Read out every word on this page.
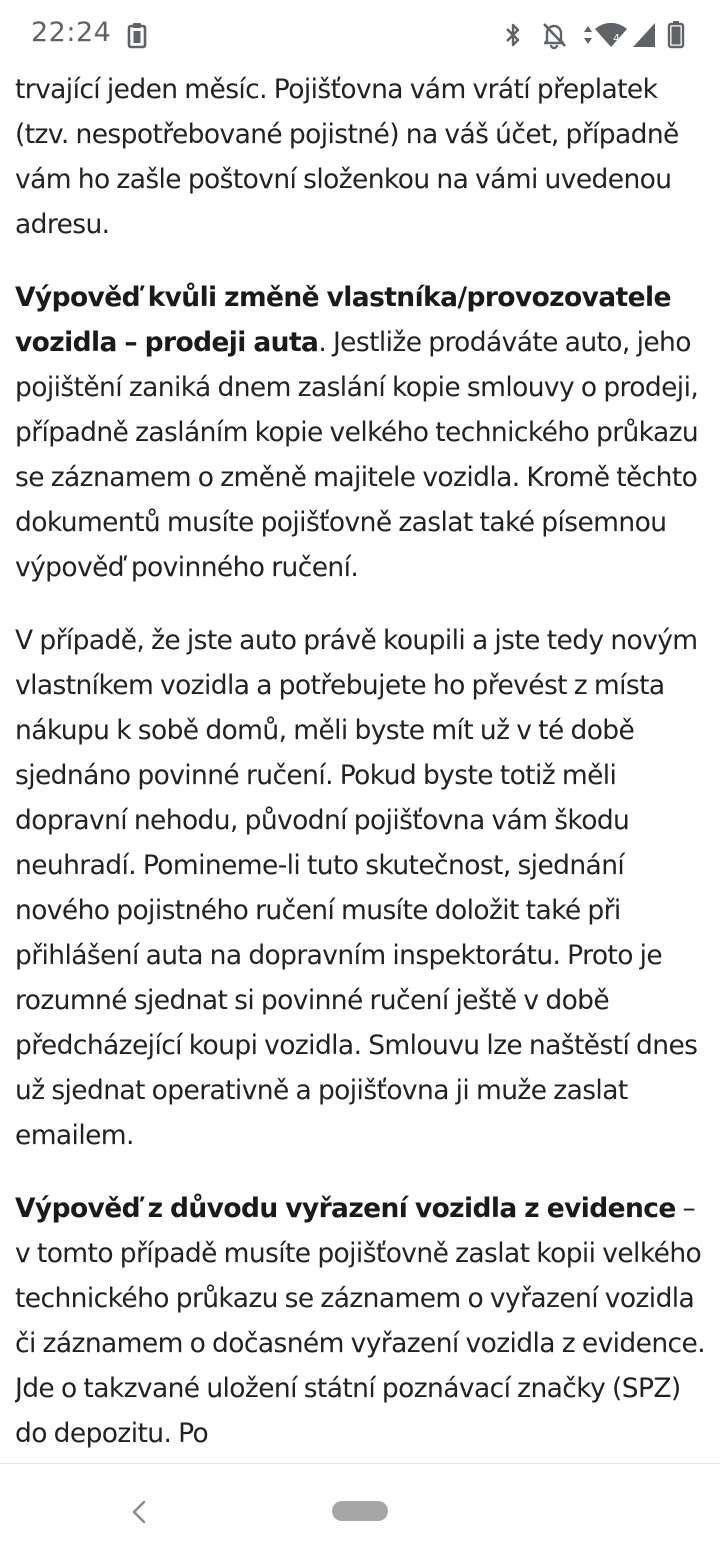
22:24	4

trvající jeden měsíc. Pojišťovna vám vrátí přeplatek (tzv. nespotřebované pojistné) na váš účet, případně vám ho zašle poštovní složenkou na vámi uvedenou adresu.

Výpověď kvůli změně vlastníka/provozovatele vozidla – prodeji auta. Jestliže prodáváte auto, jeho pojištění zaniká dnem zaslání kopie smlouvy o prodeji, případně zasláním kopie velkého technického průkazu se záznamem o změně majitele vozidla. Kromě těchto dokumentů musíte pojišťovně zaslat také písemnou výpověď povinného ručení.

V případě, že jste auto právě koupili a jste tedy novým vlastníkem vozidla a potřebujete ho převést z místa nákupu k sobě domů, měli byste mít už v té době sjednáno povinné ručení. Pokud byste totiž měli dopravní nehodu, původní pojišťovna vám škodu neuhradí. Pomineme-li tuto skutečnost, sjednání nového pojistného ručení musíte doložit také při přihlášení auta na dopravním inspektorátu. Proto je rozumné sjednat si povinné ručení ještě v době předcházející koupi vozidla. Smlouvu lze naštěstí dnes už sjednat operativně a pojišťovna ji muže zaslat emailem.

Výpověď z důvodu vyřazení vozidla z evidence – v tomto případě musíte pojišťovně zaslat kopii velkého technického průkazu se záznamem o vyřazení vozidla či záznamem o dočasném vyřazení vozidla z evidence. Jde o takzvané uložení státní poznávací značky (SPZ) do depozitu. Po
